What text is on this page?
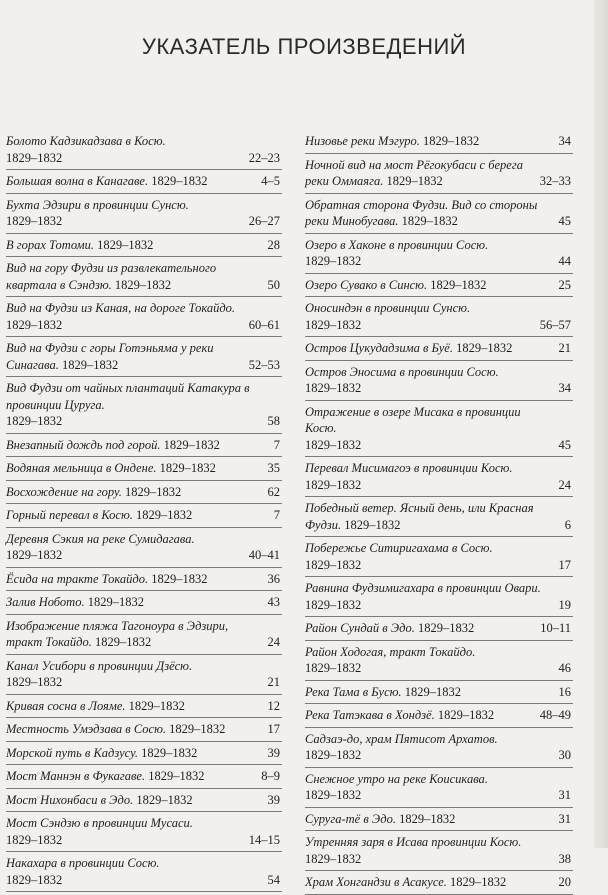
УКАЗАТЕЛЬ ПРОИЗВЕДЕНИЙ
Болото Кадзикадзава в Косю.
1829–1832	22–23
Большая волна в Канагаве. 1829–1832	4–5
Бухта Эдзири в провинции Сунсю.
1829–1832	26–27
В горах Тотоми. 1829–1832	28
Вид на гору Фудзи из развлекательного квартала в Сэндзю. 1829–1832	50
Вид на Фудзи из Каная, на дороге Токайдо. 1829–1832	60–61
Вид на Фудзи с горы Готэньяма у реки Синагава. 1829–1832	52–53
Вид Фудзи от чайных плантаций Катакура в провинции Цуруга.
1829–1832	58
Внезапный дождь под горой. 1829–1832	7
Водяная мельница в Ондене. 1829–1832	35
Восхождение на гору. 1829–1832	62
Горный перевал в Косю. 1829–1832	7
Деревня Сэкия на реке Сумидагава.
1829–1832	40–41
Ёсида на тракте Токайдо. 1829–1832	36
Залив Нобото. 1829–1832	43
Изображение пляжа Тагоноура в Эдзири, тракт Токайдо. 1829–1832	24
Канал Усибори в провинции Дзёсю.
1829–1832	21
Кривая сосна в Лояме. 1829–1832	12
Местность Умэдзава в Сосю. 1829–1832	17
Морской путь в Кадзусу. 1829–1832	39
Мост Маннэн в Фукагаве. 1829–1832	8–9
Мост Нихонбаси в Эдо. 1829–1832	39
Мост Сэндзю в провинции Мусаси.
1829–1832	14–15
Накахара в провинции Сосю.
1829–1832	54
Низовье реки Мэгуро. 1829–1832	34
Ночной вид на мост Рёгокубаси с берега реки Оммаяга. 1829–1832	32–33
Обратная сторона Фудзи. Вид со стороны реки Минобугава. 1829–1832	45
Озеро в Хаконе в провинции Сосю.
1829–1832	44
Озеро Сувако в Синсю. 1829–1832	25
Оносиндэн в провинции Сунсю.
1829–1832	56–57
Остров Цукудадзима в Буё. 1829–1832	21
Остров Эносима в провинции Сосю.
1829–1832	34
Отражение в озере Мисака в провинции Косю.
1829–1832	45
Перевал Мисимагоэ в провинции Косю.
1829–1832	24
Победный ветер. Ясный день, или Красная Фудзи. 1829–1832	6
Побережье Ситиригахама в Сосю.
1829–1832	17
Равнина Фудзимигахара в провинции Овари. 1829–1832	19
Район Сундай в Эдо. 1829–1832	10–11
Район Ходогая, тракт Токайдо.
1829–1832	46
Река Тама в Бусю. 1829–1832	16
Река Татэкава в Хондзё. 1829–1832	48–49
Садзаэ-до, храм Пятисот Архатов.
1829–1832	30
Снежное утро на реке Коисикава.
1829–1832	31
Суруга-тё в Эдо. 1829–1832	31
Утренняя заря в Исава провинции Косю.
1829–1832	38
Храм Хонгандзи в Асакусе. 1829–1832	20
